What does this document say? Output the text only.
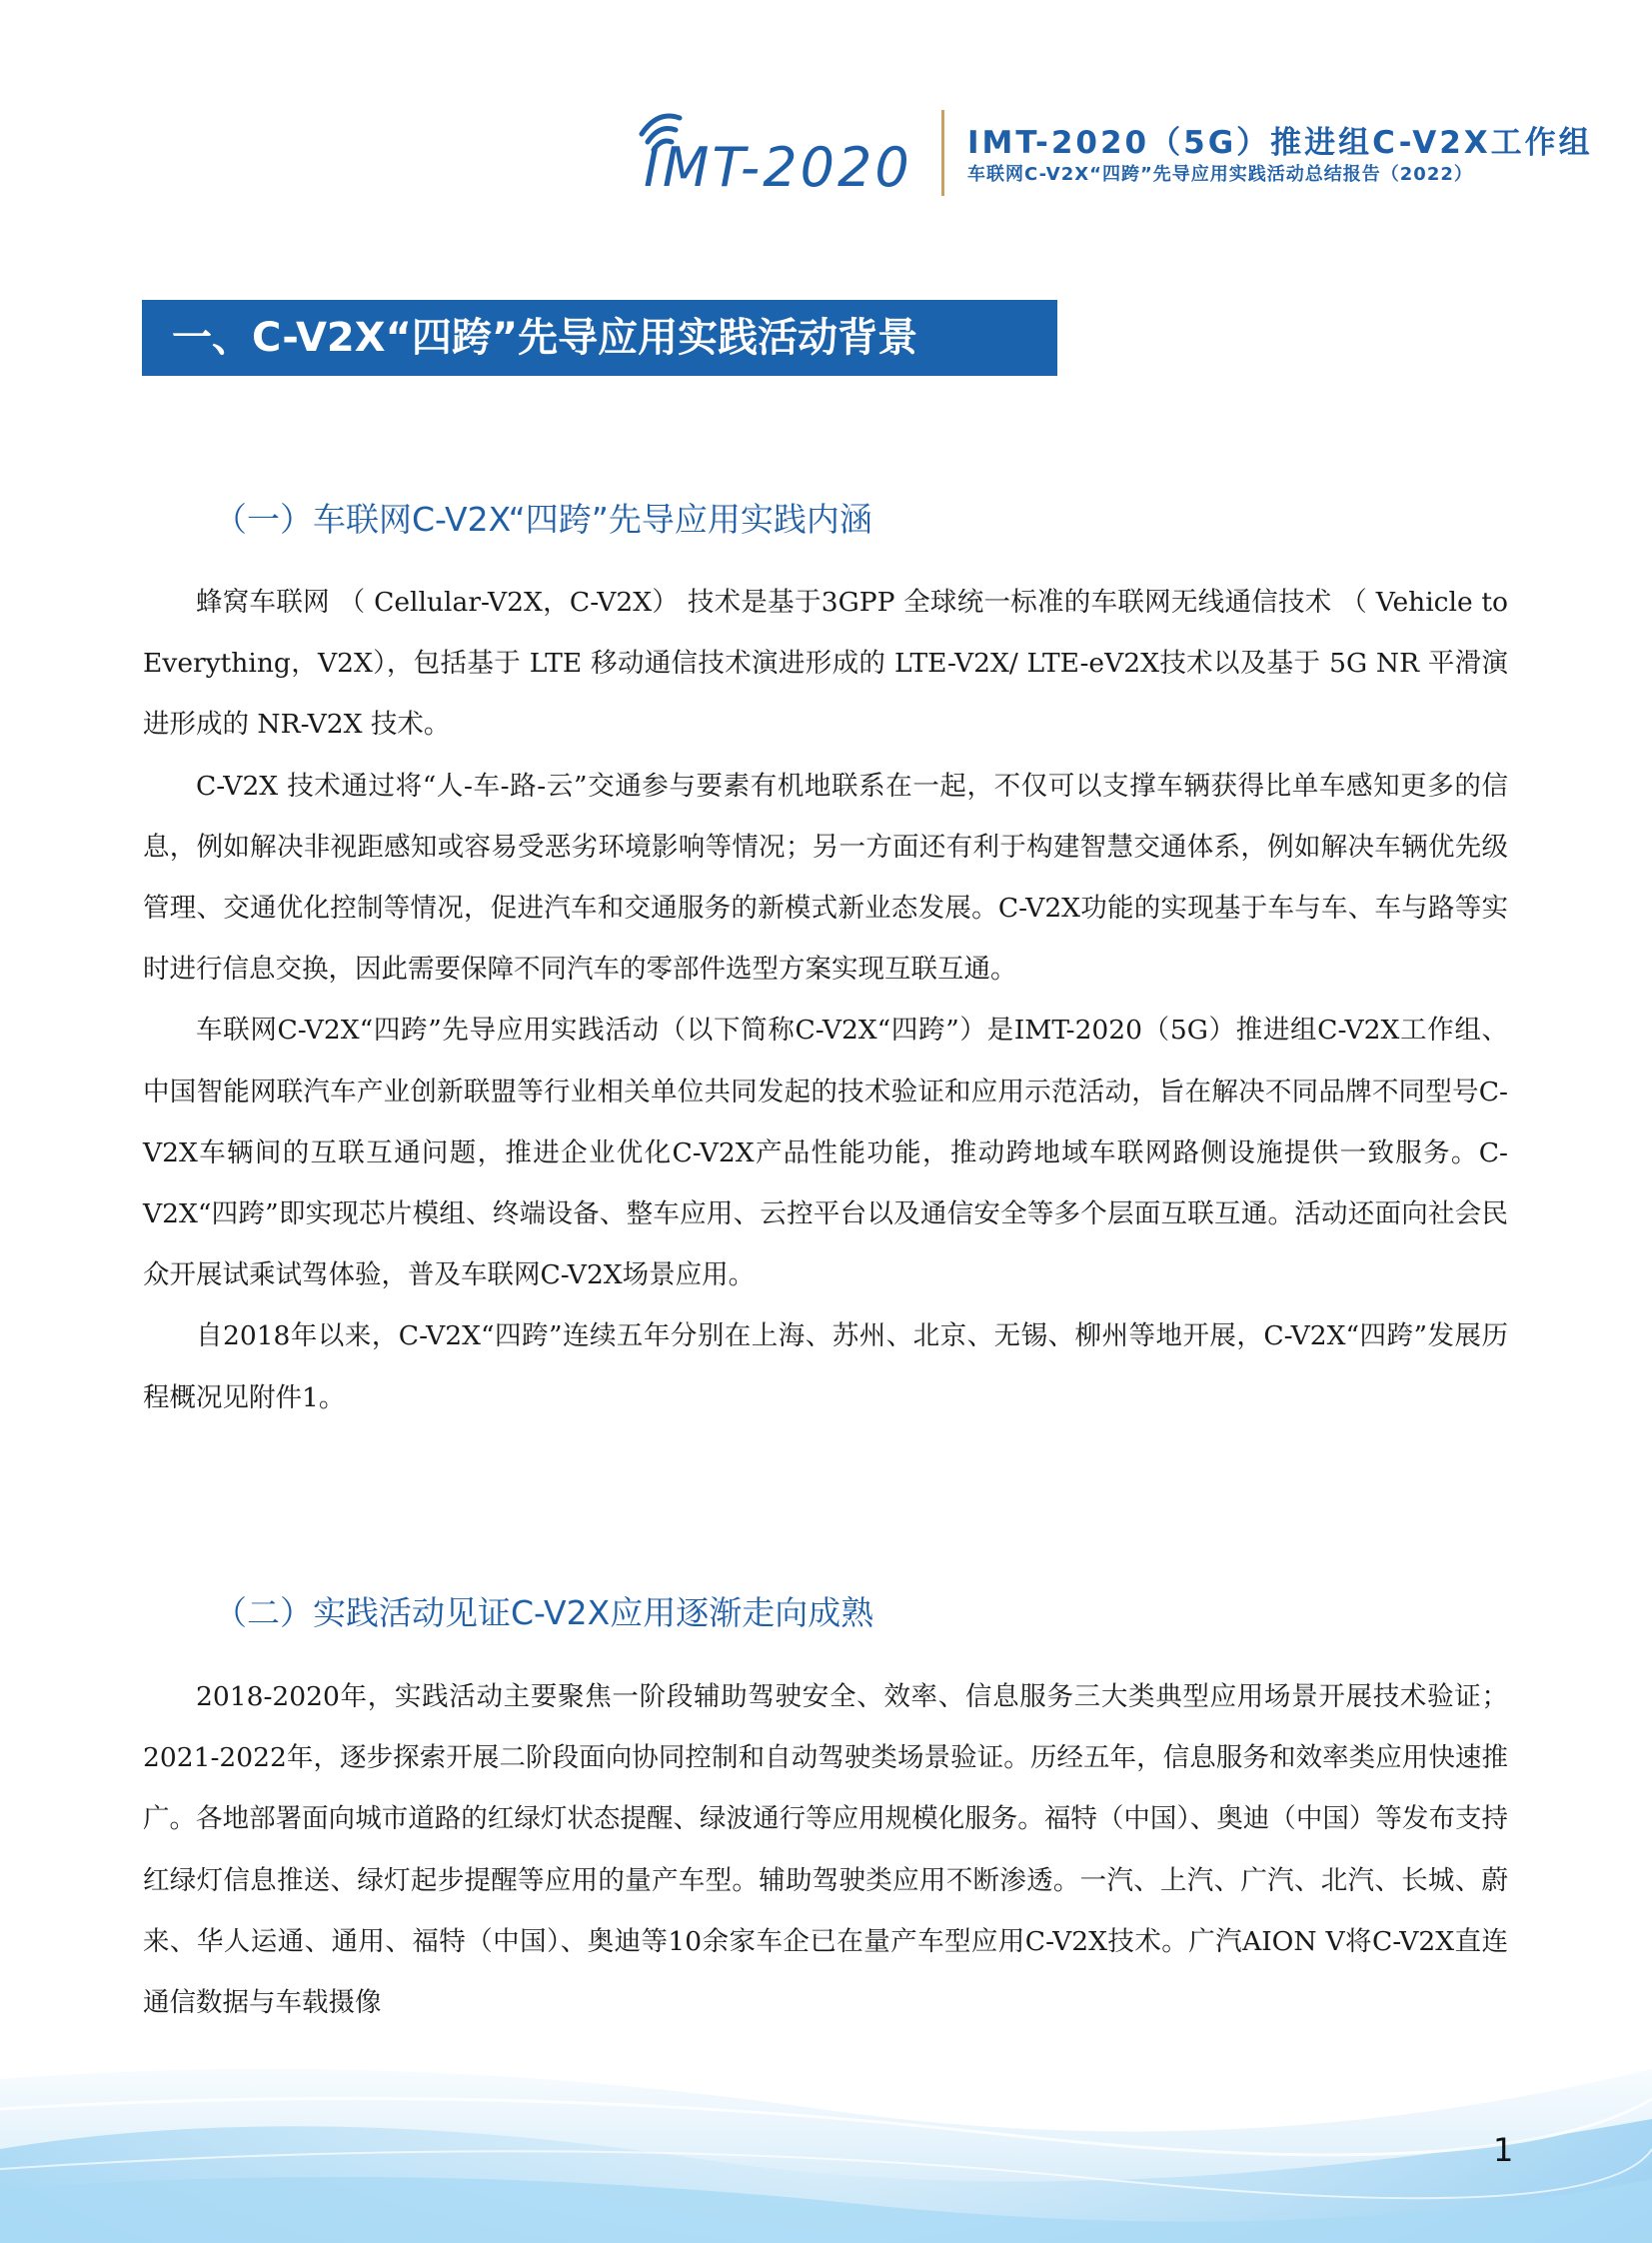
IMT-2020 IMT-2020（5G）推进组C-V2X工作组
车联网C-V2X“四跨”先导应用实践活动总结报告（2022）
一、C-V2X“四跨”先导应用实践活动背景
（一）车联网C-V2X“四跨”先导应用实践内涵

蜂窝车联网 （ Cellular-V2X，C-V2X） 技术是基于3GPP 全球统一标准的车联网无线通信技术 （ Vehicle to Everything，V2X），包括基于 LTE 移动通信技术演进形成的 LTE-V2X/ LTE-eV2X技术以及基于 5G NR 平滑演进形成的 NR-V2X 技术。

C-V2X 技术通过将“人-车-路-云”交通参与要素有机地联系在一起，不仅可以支撑车辆获得比单车感知更多的信息，例如解决非视距感知或容易受恶劣环境影响等情况；另一方面还有利于构建智慧交通体系，例如解决车辆优先级管理、交通优化控制等情况，促进汽车和交通服务的新模式新业态发展。C-V2X功能的实现基于车与车、车与路等实时进行信息交换，因此需要保障不同汽车的零部件选型方案实现互联互通。

车联网C-V2X“四跨”先导应用实践活动（以下简称C-V2X“四跨”）是IMT-2020（5G）推进组C-V2X工作组、中国智能网联汽车产业创新联盟等行业相关单位共同发起的技术验证和应用示范活动，旨在解决不同品牌不同型号C-V2X车辆间的互联互通问题，推进企业优化C-V2X产品性能功能，推动跨地域车联网路侧设施提供一致服务。C-V2X“四跨”即实现芯片模组、终端设备、整车应用、云控平台以及通信安全等多个层面互联互通。活动还面向社会民众开展试乘试驾体验，普及车联网C-V2X场景应用。

自2018年以来，C-V2X“四跨”连续五年分别在上海、苏州、北京、无锡、柳州等地开展，C-V2X“四跨”发展历程概况见附件1。

（二）实践活动见证C-V2X应用逐渐走向成熟

2018-2020年，实践活动主要聚焦一阶段辅助驾驶安全、效率、信息服务三大类典型应用场景开展技术验证；2021-2022年，逐步探索开展二阶段面向协同控制和自动驾驶类场景验证。历经五年，信息服务和效率类应用快速推广。各地部署面向城市道路的红绿灯状态提醒、绿波通行等应用规模化服务。福特（中国）、奥迪（中国）等发布支持红绿灯信息推送、绿灯起步提醒等应用的量产车型。辅助驾驶类应用不断渗透。一汽、上汽、广汽、北汽、长城、蔚来、华人运通、通用、福特（中国）、奥迪等10余家车企已在量产车型应用C-V2X技术。广汽AION V将C-V2X直连通信数据与车载摄像

1
